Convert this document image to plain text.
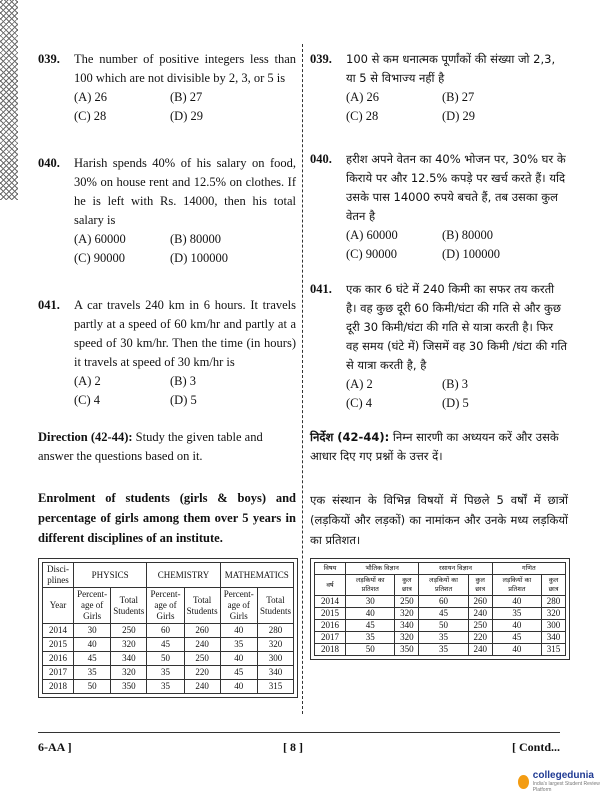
039. The number of positive integers less than 100 which are not divisible by 2, 3, or 5 is
(A) 26	(B) 27
(C) 28	(D) 29
040. Harish spends 40% of his salary on food, 30% on house rent and 12.5% on clothes. If he is left with Rs. 14000, then his total salary is
(A) 60000	(B) 80000
(C) 90000	(D) 100000
041. A car travels 240 km in 6 hours. It travels partly at a speed of 60 km/hr and partly at a speed of 30 km/hr. Then the time (in hours) it travels at speed of 30 km/hr is
(A) 2	(B) 3
(C) 4	(D) 5
Direction (42-44): Study the given table and answer the questions based on it.
Enrolment of students (girls & boys) and percentage of girls among them over 5 years in different disciplines of an institute.
Disci- plines	PHYSICS		CHEMISTRY		MATHEMATICS	
Year	Percent- age of Girls	Total Students	Percent- age of Girls	Total Students	Percent- age of Girls	Total Students
2014	30	250	60	260	40	280
2015	40	320	45	240	35	320
2016	45	340	50	250	40	300
2017	35	320	35	220	45	340
2018	50	350	35	240	40	315
039. 100 से कम धनात्मक पूर्णांकों की संख्या जो 2,3, या 5 से विभाज्य नहीं है
(A) 26	(B) 27
(C) 28	(D) 29
040. हरीश अपने वेतन का 40% भोजन पर, 30% घर के किराये पर और 12.5% कपड़े पर खर्च करते हैं। यदि उसके पास 14000 रुपये बचते हैं, तब उसका कुल वेतन है
(A) 60000	(B) 80000
(C) 90000	(D) 100000
041. एक कार 6 घंटे में 240 किमी का सफर तय करती है। वह कुछ दूरी 60 किमी/घंटा की गति से और कुछ दूरी 30 किमी/घंटा की गति से यात्रा करती है। फिर वह समय (घंटे में) जिसमें वह 30 किमी /घंटा की गति से यात्रा करती है, है
(A) 2	(B) 3
(C) 4	(D) 5
निर्देश (42-44): निम्न सारणी का अध्ययन करें और उसके आधार दिए गए प्रश्नों के उत्तर दें।
एक संस्थान के विभिन्न विषयों में पिछले 5 वर्षों में छात्रों (लड़कियों और लड़कों) का नामांकन और उनके मध्य लड़कियों का प्रतिशत।
विषय	भौतिक विज्ञान		रसायन विज्ञान		गणित	
वर्ष	लड़कियों का प्रतिशत	कुल छात्र	लड़कियों का प्रतिशत	कुल छात्र	लड़कियों का प्रतिशत	कुल छात्र
2014	30	250	60	260	40	280
2015	40	320	45	240	35	320
2016	45	340	50	250	40	300
2017	35	320	35	220	45	340
2018	50	350	35	240	40	315
6-AA ]	[ 8 ]	[ Contd...
collegedunia
India's largest Student Review Platform
